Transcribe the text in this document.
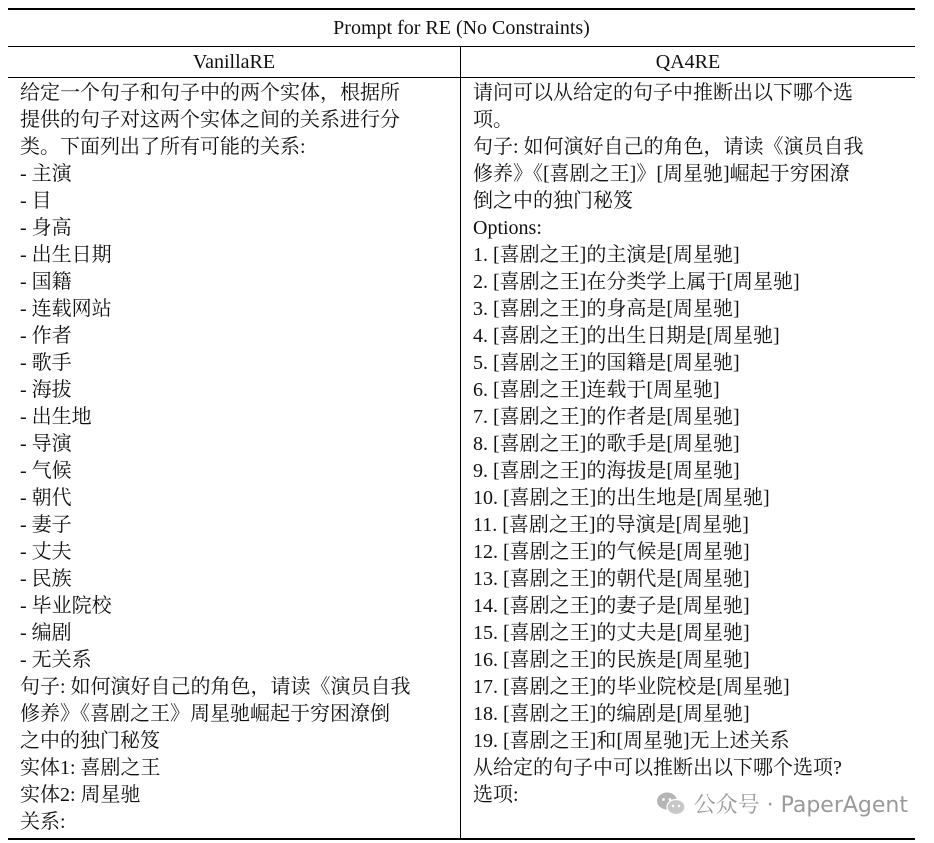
Prompt for RE (No Constraints)
VanillaRE	QA4RE
给定一个句子和句子中的两个实体，根据所
提供的句子对这两个实体之间的关系进行分
类。下面列出了所有可能的关系:
- 主演
- 目
- 身高
- 出生日期
- 国籍
- 连载网站
- 作者
- 歌手
- 海拔
- 出生地
- 导演
- 气候
- 朝代
- 妻子
- 丈夫
- 民族
- 毕业院校
- 编剧
- 无关系
句子: 如何演好自己的角色，请读《演员自我
修养》《喜剧之王》周星驰崛起于穷困潦倒
之中的独门秘笈
实体1: 喜剧之王
实体2: 周星驰
关系:
请问可以从给定的句子中推断出以下哪个选
项。
句子: 如何演好自己的角色，请读《演员自我
修养》《[喜剧之王]》[周星驰]崛起于穷困潦
倒之中的独门秘笈
Options:
1. [喜剧之王]的主演是[周星驰]
2. [喜剧之王]在分类学上属于[周星驰]
3. [喜剧之王]的身高是[周星驰]
4. [喜剧之王]的出生日期是[周星驰]
5. [喜剧之王]的国籍是[周星驰]
6. [喜剧之王]连载于[周星驰]
7. [喜剧之王]的作者是[周星驰]
8. [喜剧之王]的歌手是[周星驰]
9. [喜剧之王]的海拔是[周星驰]
10. [喜剧之王]的出生地是[周星驰]
11. [喜剧之王]的导演是[周星驰]
12. [喜剧之王]的气候是[周星驰]
13. [喜剧之王]的朝代是[周星驰]
14. [喜剧之王]的妻子是[周星驰]
15. [喜剧之王]的丈夫是[周星驰]
16. [喜剧之王]的民族是[周星驰]
17. [喜剧之王]的毕业院校是[周星驰]
18. [喜剧之王]的编剧是[周星驰]
19. [喜剧之王]和[周星驰]无上述关系
从给定的句子中可以推断出以下哪个选项?
选项:	公众号 · PaperAgent
